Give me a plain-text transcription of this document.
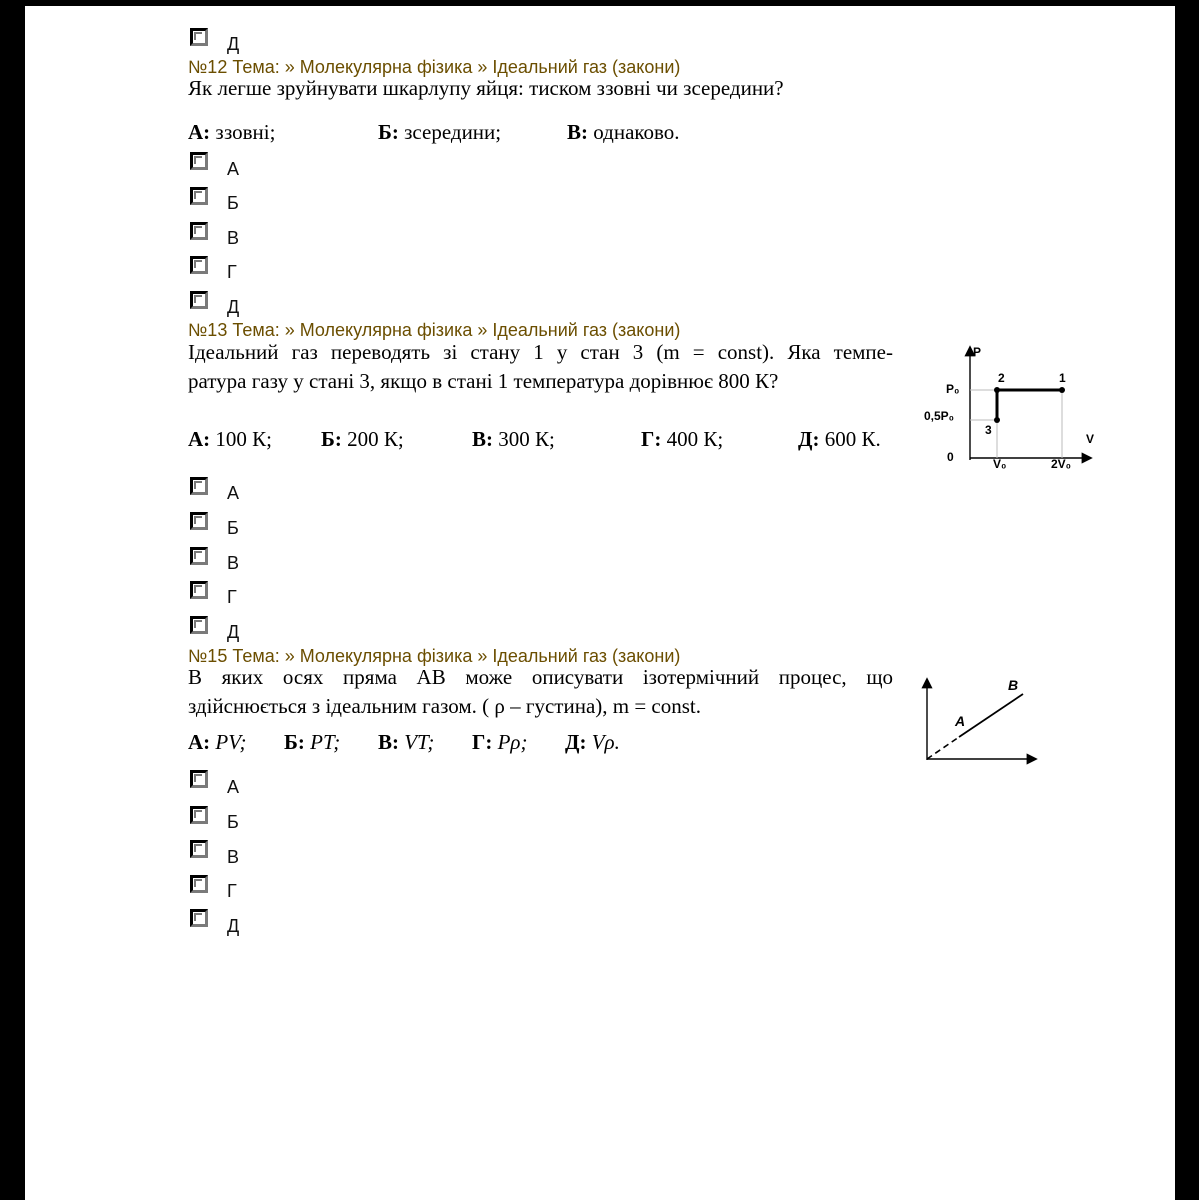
Д
№12 Тема: » Молекулярна фізика » Ідеальний газ (закони)
Як легше зруйнувати шкарлупу яйця: тиском ззовні чи зсередини?
А: ззовні;	Б: зсередини;	В: однаково.
А
Б
В
Г
Д
№13 Тема: » Молекулярна фізика » Ідеальний газ (закони)
Ідеальний газ переводять зі стану 1 у стан 3 (m = const). Яка темпе-
ратура газу у стані 3, якщо в стані 1 температура дорівнює 800 К?
А: 100 К; Б: 200 К;	В: 300 К;	Г: 400 К;	Д: 600 К.
P
V
0
P₀
0,5P₀
V₀	2V₀
1
2
3
А
Б
В
Г
Д
№15 Тема: » Молекулярна фізика » Ідеальний газ (закони)
В яких осях пряма AB може описувати ізотермічний процес, що
здійснюється з ідеальним газом. ( ρ – густина), m = const.
А: PV; Б: PT; В: VT; Г: Pρ; Д: Vρ.
A
B
А
Б
В
Г
Д
